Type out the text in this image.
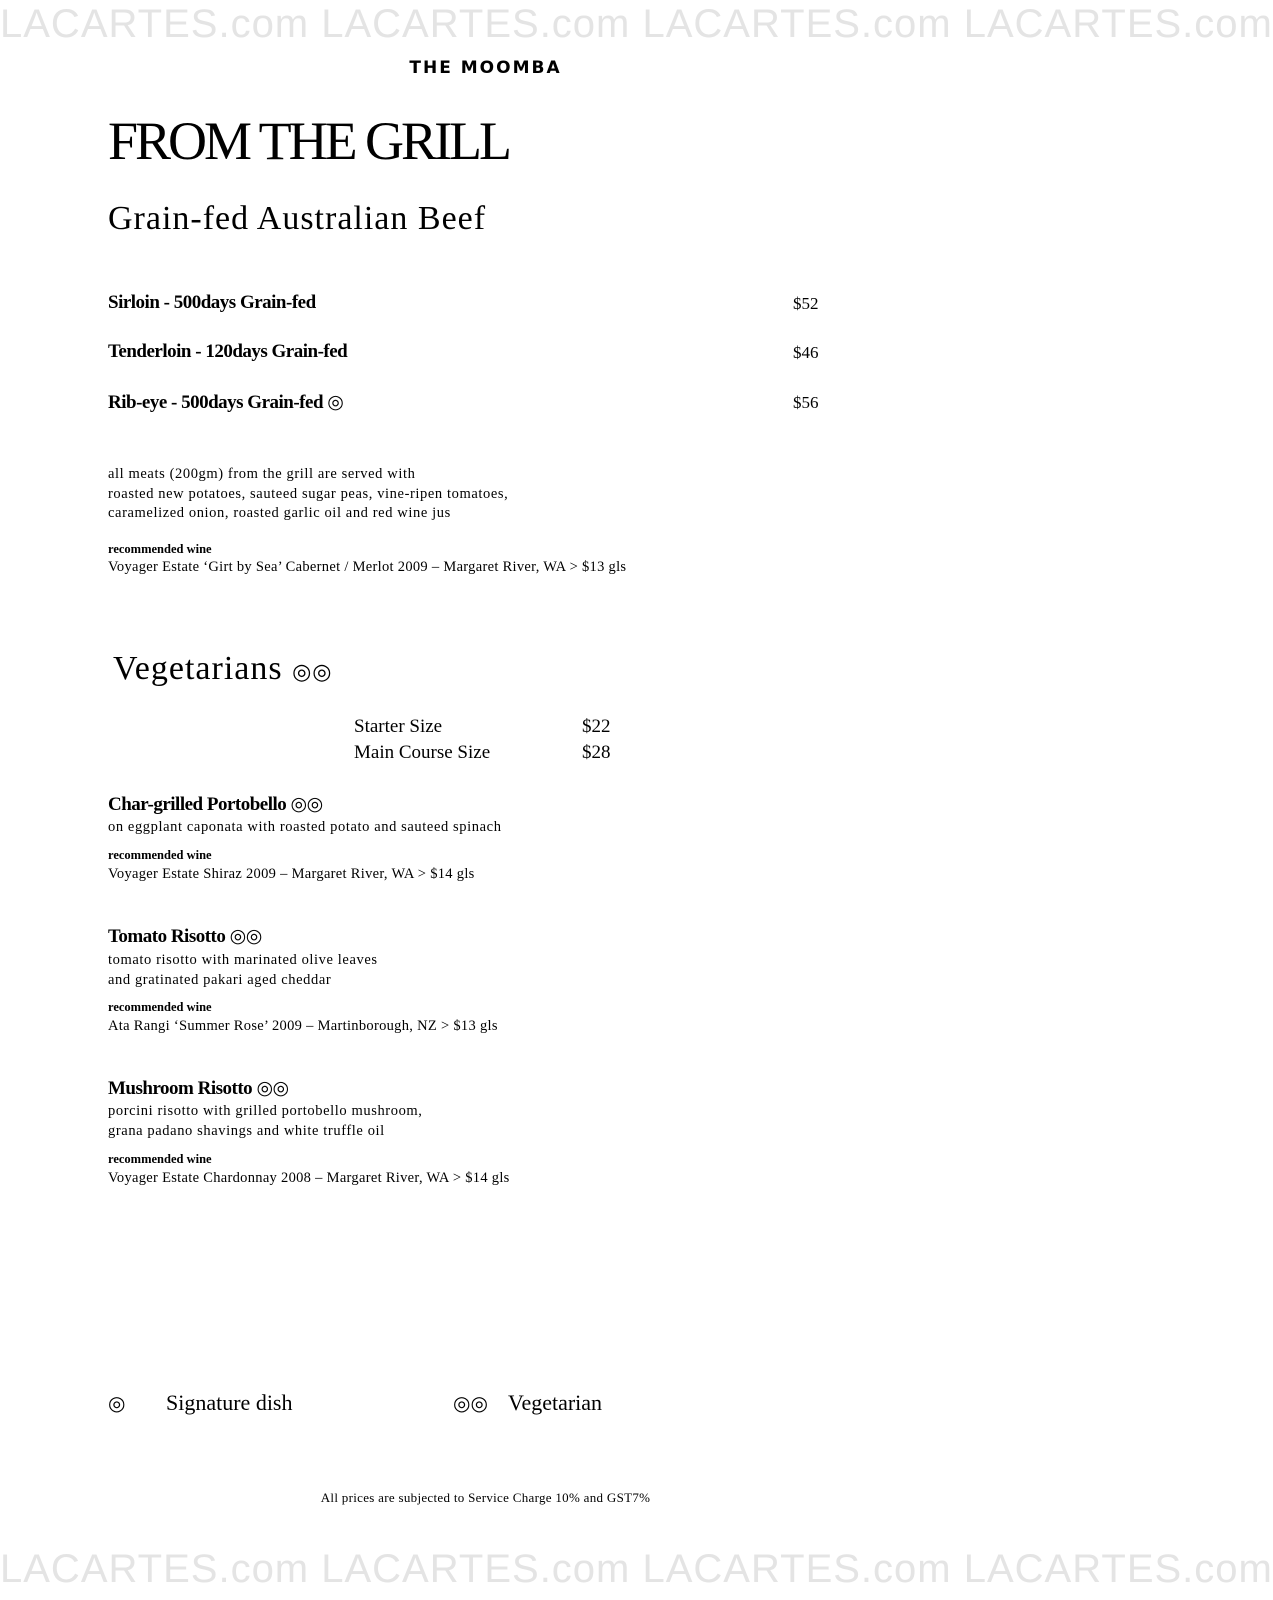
LACARTES.com LACARTES.com LACARTES.com LACARTES.com
LACARTES.com LACARTES.com LACARTES.com LACARTES.com
THE MOOMBA
FROM THE GRILL
Grain-fed Australian Beef
Sirloin - 500days Grain-fed	$52
Tenderloin - 120days Grain-fed	$46
Rib-eye - 500days Grain-fed ◎	$56
all meats (200gm) from the grill are served with
roasted new potatoes, sauteed sugar peas, vine-ripen tomatoes,
caramelized onion, roasted garlic oil and red wine jus
recommended wine
Voyager Estate ‘Girt by Sea’ Cabernet / Merlot 2009 – Margaret River, WA > $13 gls
Vegetarians ◎◎
Starter Size	$22
Main Course Size	$28
Char-grilled Portobello ◎◎
on eggplant caponata with roasted potato and sauteed spinach
recommended wine
Voyager Estate Shiraz 2009 – Margaret River, WA > $14 gls
Tomato Risotto ◎◎
tomato risotto with marinated olive leaves
and gratinated pakari aged cheddar
recommended wine
Ata Rangi ‘Summer Rose’ 2009 – Martinborough, NZ > $13 gls
Mushroom Risotto ◎◎
porcini risotto with grilled portobello mushroom,
grana padano shavings and white truffle oil
recommended wine
Voyager Estate Chardonnay 2008 – Margaret River, WA > $14 gls
◎ Signature dish	◎◎ Vegetarian
All prices are subjected to Service Charge 10% and GST7%
